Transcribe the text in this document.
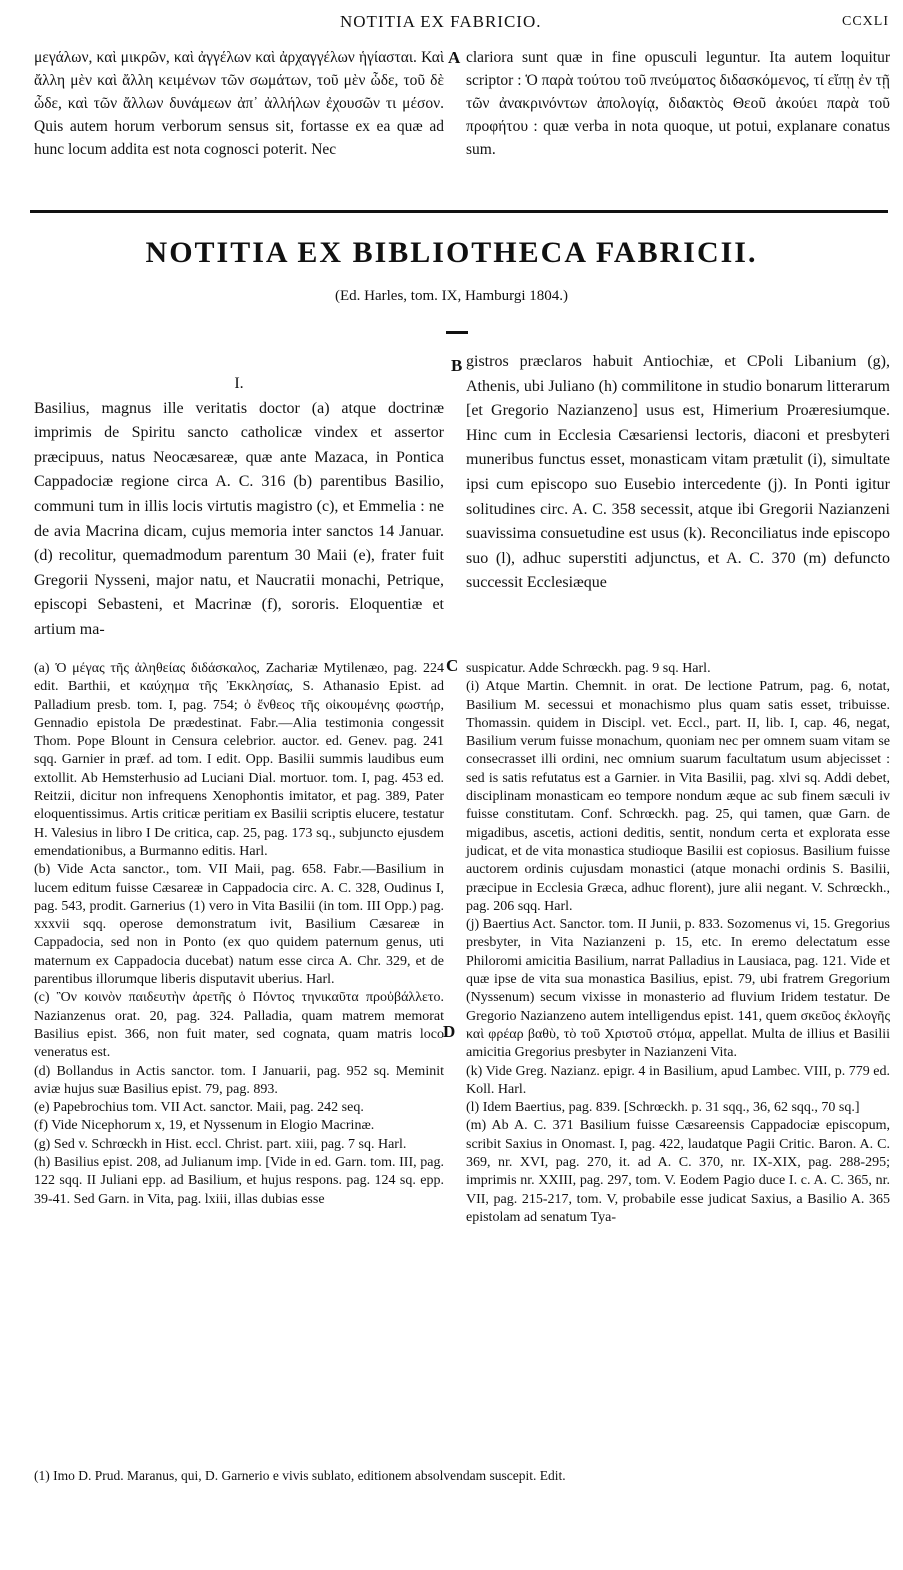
NOTITIA EX FABRICIO.	CCXLI

μεγάλων, καὶ μικρῶν, καὶ ἀγγέλων καὶ ἀρχαγγέλων ἡγίασται. Καὶ ἄλλη μὲν καὶ ἄλλη κειμένων τῶν σωμάτων, τοῦ μὲν ὧδε, τοῦ δὲ ὧδε, καὶ τῶν ἄλλων δυνάμεων ἀπ᾽ ἀλλήλων ἐχουσῶν τι μέσον. Quis autem horum verborum sensus sit, fortasse ex ea quæ ad hunc locum addita est nota cognosci poterit. Nec

A clariora sunt quæ in fine opusculi leguntur. Ita autem loquitur scriptor : Ὁ παρὰ τούτου τοῦ πνεύματος διδασκόμενος, τί εἴπῃ ἐν τῇ τῶν ἀνακρινόντων ἀπολογίᾳ, διδακτὸς Θεοῦ ἀκούει παρὰ τοῦ προφήτου : quæ verba in nota quoque, ut potui, explanare conatus sum.

NOTITIA EX BIBLIOTHECA FABRICII.
(Ed. Harles, tom. IX, Hamburgi 1804.)
I.

Basilius, magnus ille veritatis doctor (a) atque doctrinæ imprimis de Spiritu sancto catholicæ vindex et assertor præcipuus, natus Neocæsareæ, quæ ante Mazaca, in Pontica Cappadociæ regione circa A. C. 316 (b) parentibus Basilio, communi tum in illis locis virtutis magistro (c), et Emmelia : ne de avia Macrina dicam, cujus memoria inter sanctos 14 Januar. (d) recolitur, quemadmodum parentum 30 Maii (e), frater fuit Gregorii Nysseni, major natu, et Naucratii monachi, Petrique, episcopi Sebasteni, et Macrinæ (f), sororis. Eloquentiæ et artium ma-

B gistros præclaros habuit Antiochiæ, et CPoli Libanium (g), Athenis, ubi Juliano (h) commilitone in studio bonarum litterarum [et Gregorio Nazianzeno] usus est, Himerium Proæresiumque. Hinc cum in Ecclesia Cæsariensi lectoris, diaconi et presbyteri muneribus functus esset, monasticam vitam prætulit (i), simultate ipsi cum episcopo suo Eusebio intercedente (j). In Ponti igitur solitudines circ. A. C. 358 secessit, atque ibi Gregorii Nazianzeni suavissima consuetudine est usus (k). Reconciliatus inde episcopo suo (l), adhuc superstiti adjunctus, et A. C. 370 (m) defuncto successit Ecclesiæque

C
D

(a) Ὁ μέγας τῆς ἀληθείας διδάσκαλος, Zachariæ Mytilenæo, pag. 224 edit. Barthii, et καύχημα τῆς Ἐκκλησίας, S. Athanasio Epist. ad Palladium presb. tom. I, pag. 754; ὁ ἔνθεος τῆς οἰκουμένης φωστήρ, Gennadio epistola De prædestinat. Fabr.—Alia testimonia congessit Thom. Pope Blount in Censura celebrior. auctor. ed. Genev. pag. 241 sqq. Garnier in præf. ad tom. I edit. Opp. Basilii summis laudibus eum extollit. Ab Hemsterhusio ad Luciani Dial. mortuor. tom. I, pag. 453 ed. Reitzii, dicitur non infrequens Xenophontis imitator, et pag. 389, Pater eloquentissimus. Artis criticæ peritiam ex Basilii scriptis elucere, testatur H. Valesius in libro I De critica, cap. 25, pag. 173 sq., subjuncto ejusdem emendationibus, a Burmanno editis. Harl.

(b) Vide Acta sanctor., tom. VII Maii, pag. 658. Fabr.—Basilium in lucem editum fuisse Cæsareæ in Cappadocia circ. A. C. 328, Oudinus I, pag. 543, prodit. Garnerius (1) vero in Vita Basilii (in tom. III Opp.) pag. xxxvii sqq. operose demonstratum ivit, Basilium Cæsareæ in Cappadocia, sed non in Ponto (ex quo quidem paternum genus, uti maternum ex Cappadocia ducebat) natum esse circa A. Chr. 329, et de parentibus illorumque liberis disputavit uberius. Harl.

(c) Ὃν κοινὸν παιδευτὴν ἀρετῆς ὁ Πόντος τηνικαῦτα προὐβάλλετο. Nazianzenus orat. 20, pag. 324. Palladia, quam matrem memorat Basilius epist. 366, non fuit mater, sed cognata, quam matris loco veneratus est.

(d) Bollandus in Actis sanctor. tom. I Januarii, pag. 952 sq. Meminit aviæ hujus suæ Basilius epist. 79, pag. 893.

(e) Papebrochius tom. VII Act. sanctor. Maii, pag. 242 seq.

(f) Vide Nicephorum x, 19, et Nyssenum in Elogio Macrinæ.

(g) Sed v. Schrœckh in Hist. eccl. Christ. part. xiii, pag. 7 sq. Harl.

(h) Basilius epist. 208, ad Julianum imp. [Vide in ed. Garn. tom. III, pag. 122 sqq. II Juliani epp. ad Basilium, et hujus respons. pag. 124 sq. epp. 39-41. Sed Garn. in Vita, pag. lxiii, illas dubias esse

suspicatur. Adde Schrœckh. pag. 9 sq. Harl.

(i) Atque Martin. Chemnit. in orat. De lectione Patrum, pag. 6, notat, Basilium M. secessui et monachismo plus quam satis esset, tribuisse. Thomassin. quidem in Discipl. vet. Eccl., part. II, lib. I, cap. 46, negat, Basilium verum fuisse monachum, quoniam nec per omnem suam vitam se consecrasset illi ordini, nec omnium suarum facultatum usum abjecisset : sed is satis refutatus est a Garnier. in Vita Basilii, pag. xlvi sq. Addi debet, disciplinam monasticam eo tempore nondum æque ac sub finem sæculi iv fuisse constitutam. Conf. Schrœckh. pag. 25, qui tamen, quæ Garn. de migadibus, ascetis, actioni deditis, sentit, nondum certa et explorata esse judicat, et de vita monastica studioque Basilii est copiosus. Basilium fuisse auctorem ordinis cujusdam monastici (atque monachi ordinis S. Basilii, præcipue in Ecclesia Græca, adhuc florent), jure alii negant. V. Schrœckh., pag. 206 sqq. Harl.

(j) Baertius Act. Sanctor. tom. II Junii, p. 833. Sozomenus vi, 15. Gregorius presbyter, in Vita Nazianzeni p. 15, etc. In eremo delectatum esse Philoromi amicitia Basilium, narrat Palladius in Lausiaca, pag. 121. Vide et quæ ipse de vita sua monastica Basilius, epist. 79, ubi fratrem Gregorium (Nyssenum) secum vixisse in monasterio ad fluvium Iridem testatur. De Gregorio Nazianzeno autem intelligendus epist. 141, quem σκεῦος ἐκλογῆς καὶ φρέαρ βαθὺ, τὸ τοῦ Χριστοῦ στόμα, appellat. Multa de illius et Basilii amicitia Gregorius presbyter in Nazianzeni Vita.

(k) Vide Greg. Nazianz. epigr. 4 in Basilium, apud Lambec. VIII, p. 779 ed. Koll. Harl.

(l) Idem Baertius, pag. 839. [Schrœckh. p. 31 sqq., 36, 62 sqq., 70 sq.]

(m) Ab A. C. 371 Basilium fuisse Cæsareensis Cappadociæ episcopum, scribit Saxius in Onomast. I, pag. 422, laudatque Pagii Critic. Baron. A. C. 369, nr. XVI, pag. 270, it. ad A. C. 370, nr. IX-XIX, pag. 288-295; imprimis nr. XXIII, pag. 297, tom. V. Eodem Pagio duce I. c. A. C. 365, nr. VII, pag. 215-217, tom. V, probabile esse judicat Saxius, a Basilio A. 365 epistolam ad senatum Tya-

(1) Imo D. Prud. Maranus, qui, D. Garnerio e vivis sublato, editionem absolvendam suscepit. Edit.
